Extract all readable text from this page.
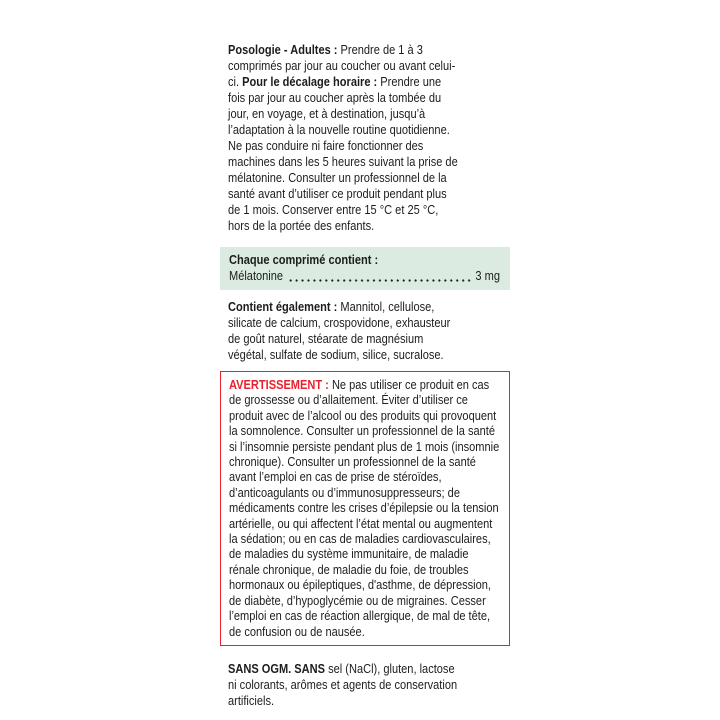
Posologie - Adultes : Prendre de 1 à 3 comprimés par jour au coucher ou avant celui-ci. Pour le décalage horaire : Prendre une fois par jour au coucher après la tombée du jour, en voyage, et à destination, jusqu’à l’adaptation à la nouvelle routine quotidienne. Ne pas conduire ni faire fonctionner des machines dans les 5 heures suivant la prise de mélatonine. Consulter un professionnel de la santé avant d’utiliser ce produit pendant plus de 1 mois. Conserver entre 15 °C et 25 °C, hors de la portée des enfants.

Chaque comprimé contient :

Mélatonine	3 mg

Contient également : Mannitol, cellulose, silicate de calcium, crospovidone, exhausteur de goût naturel, stéarate de magnésium végétal, sulfate de sodium, silice, sucralose.

AVERTISSEMENT : Ne pas utiliser ce produit en cas de grossesse ou d’allaitement. Éviter d’utiliser ce produit avec de l’alcool ou des produits qui provoquent la somnolence. Consulter un professionnel de la santé si l’insomnie persiste pendant plus de 1 mois (insomnie chronique). Consulter un professionnel de la santé avant l’emploi en cas de prise de stéroïdes, d’anticoagulants ou d’immunosuppresseurs; de médicaments contre les crises d’épilepsie ou la tension artérielle, ou qui affectent l’état mental ou augmentent la sédation; ou en cas de maladies cardiovasculaires, de maladies du système immunitaire, de maladie rénale chronique, de maladie du foie, de troubles hormonaux ou épileptiques, d'asthme, de dépression, de diabète, d’hypoglycémie ou de migraines. Cesser l’emploi en cas de réaction allergique, de mal de tête, de confusion ou de nausée.

SANS OGM. SANS sel (NaCl), gluten, lactose ni colorants, arômes et agents de conservation artificiels.
